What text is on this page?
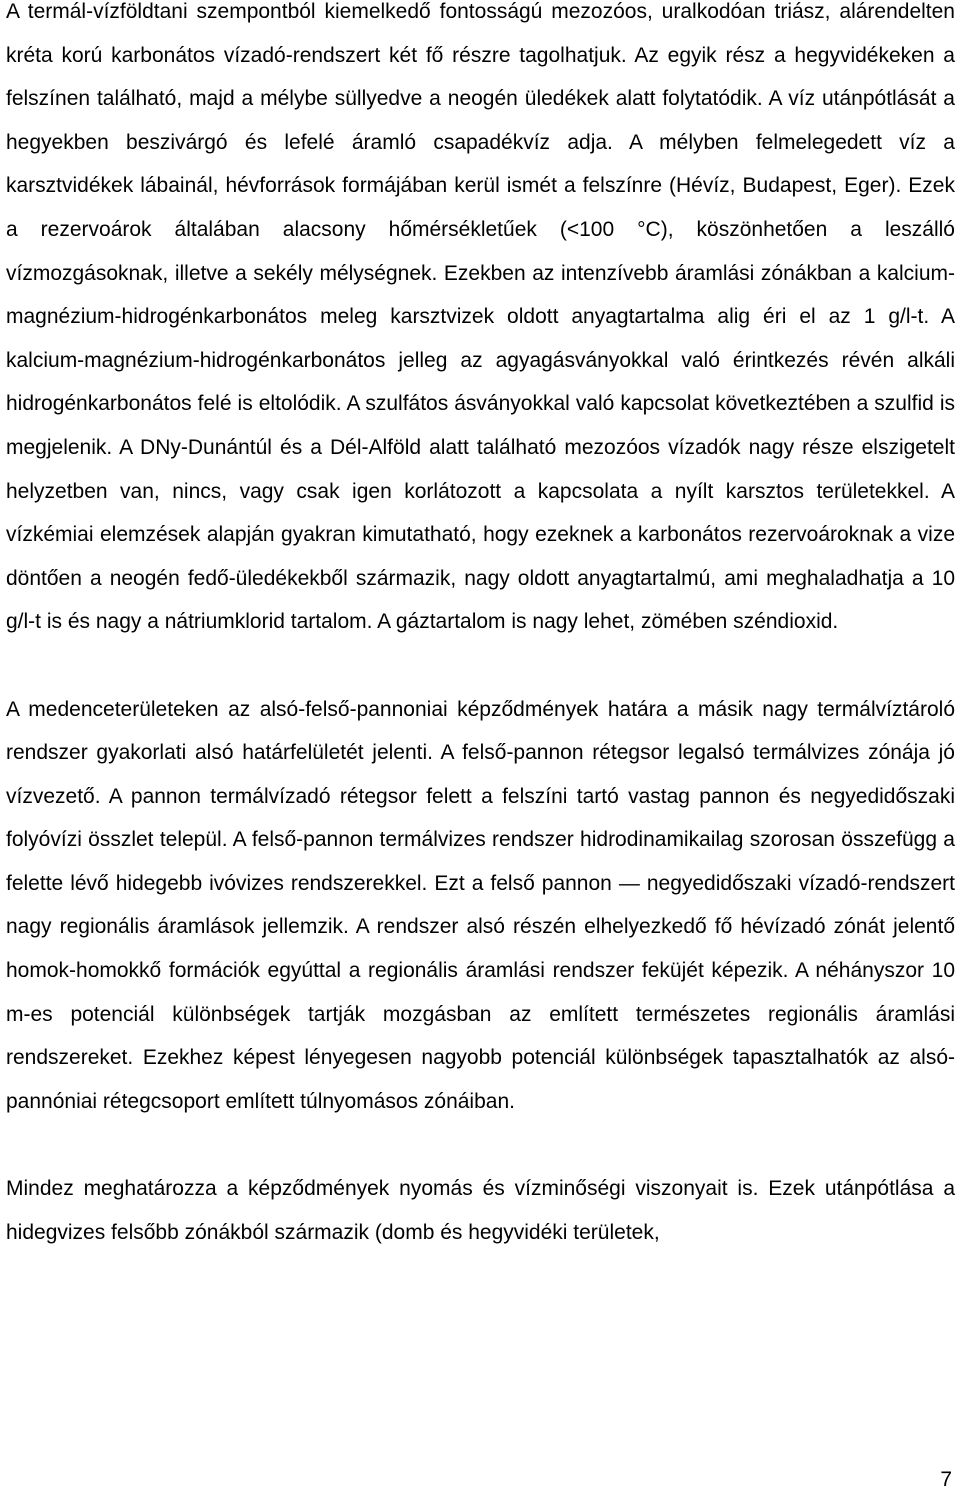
A termál-vízföldtani szempontból kiemelkedő fontosságú mezozóos, uralkodóan triász, alárendelten kréta korú karbonátos vízadó-rendszert két fő részre tagolhatjuk. Az egyik rész a hegyvidékeken a felszínen található, majd a mélybe süllyedve a neogén üledékek alatt folytatódik. A víz utánpótlását a hegyekben beszivárgó és lefelé áramló csapadékvíz adja. A mélyben felmelegedett víz a karsztvidékek lábainál, hévforrások formájában kerül ismét a felszínre (Hévíz, Budapest, Eger). Ezek a rezervoárok általában alacsony hőmérsékletűek (<100 °C), köszönhetően a leszálló vízmozgásoknak, illetve a sekély mélységnek. Ezekben az intenzívebb áramlási zónákban a kalcium-magnézium-hidrogénkarbonátos meleg karsztvizek oldott anyagtartalma alig éri el az 1 g/l-t. A kalcium-magnézium-hidrogénkarbonátos jelleg az agyagásványokkal való érintkezés révén alkáli hidrogénkarbonátos felé is eltolódik. A szulfátos ásványokkal való kapcsolat következtében a szulfid is megjelenik. A DNy-Dunántúl és a Dél-Alföld alatt található mezozóos vízadók nagy része elszigetelt helyzetben van, nincs, vagy csak igen korlátozott a kapcsolata a nyílt karsztos területekkel. A vízkémiai elemzések alapján gyakran kimutatható, hogy ezeknek a karbonátos rezervoároknak a vize döntően a neogén fedő-üledékekből származik, nagy oldott anyagtartalmú, ami meghaladhatja a 10 g/l-t is és nagy a nátriumklorid tartalom. A gáztartalom is nagy lehet, zömében széndioxid.

A medenceterületeken az alsó-felső-pannoniai képződmények határa a másik nagy termálvíztároló rendszer gyakorlati alsó határfelületét jelenti. A felső-pannon rétegsor legalsó termálvizes zónája jó vízvezető. A pannon termálvízadó rétegsor felett a felszíni tartó vastag pannon és negyedidőszaki folyóvízi összlet települ. A felső-pannon termálvizes rendszer hidrodinamikailag szorosan összefügg a felette lévő hidegebb ivóvizes rendszerekkel. Ezt a felső pannon — negyedidőszaki vízadó-rendszert nagy regionális áramlások jellemzik. A rendszer alsó részén elhelyezkedő fő hévízadó zónát jelentő homok-homokkő formációk egyúttal a regionális áramlási rendszer feküjét képezik. A néhányszor 10 m-es potenciál különbségek tartják mozgásban az említett természetes regionális áramlási rendszereket. Ezekhez képest lényegesen nagyobb potenciál különbségek tapasztalhatók az alsó-pannóniai rétegcsoport említett túlnyomásos zónáiban.

Mindez meghatározza a képződmények nyomás és vízminőségi viszonyait is. Ezek utánpótlása a hidegvizes felsőbb zónákból származik (domb és hegyvidéki területek,

7
